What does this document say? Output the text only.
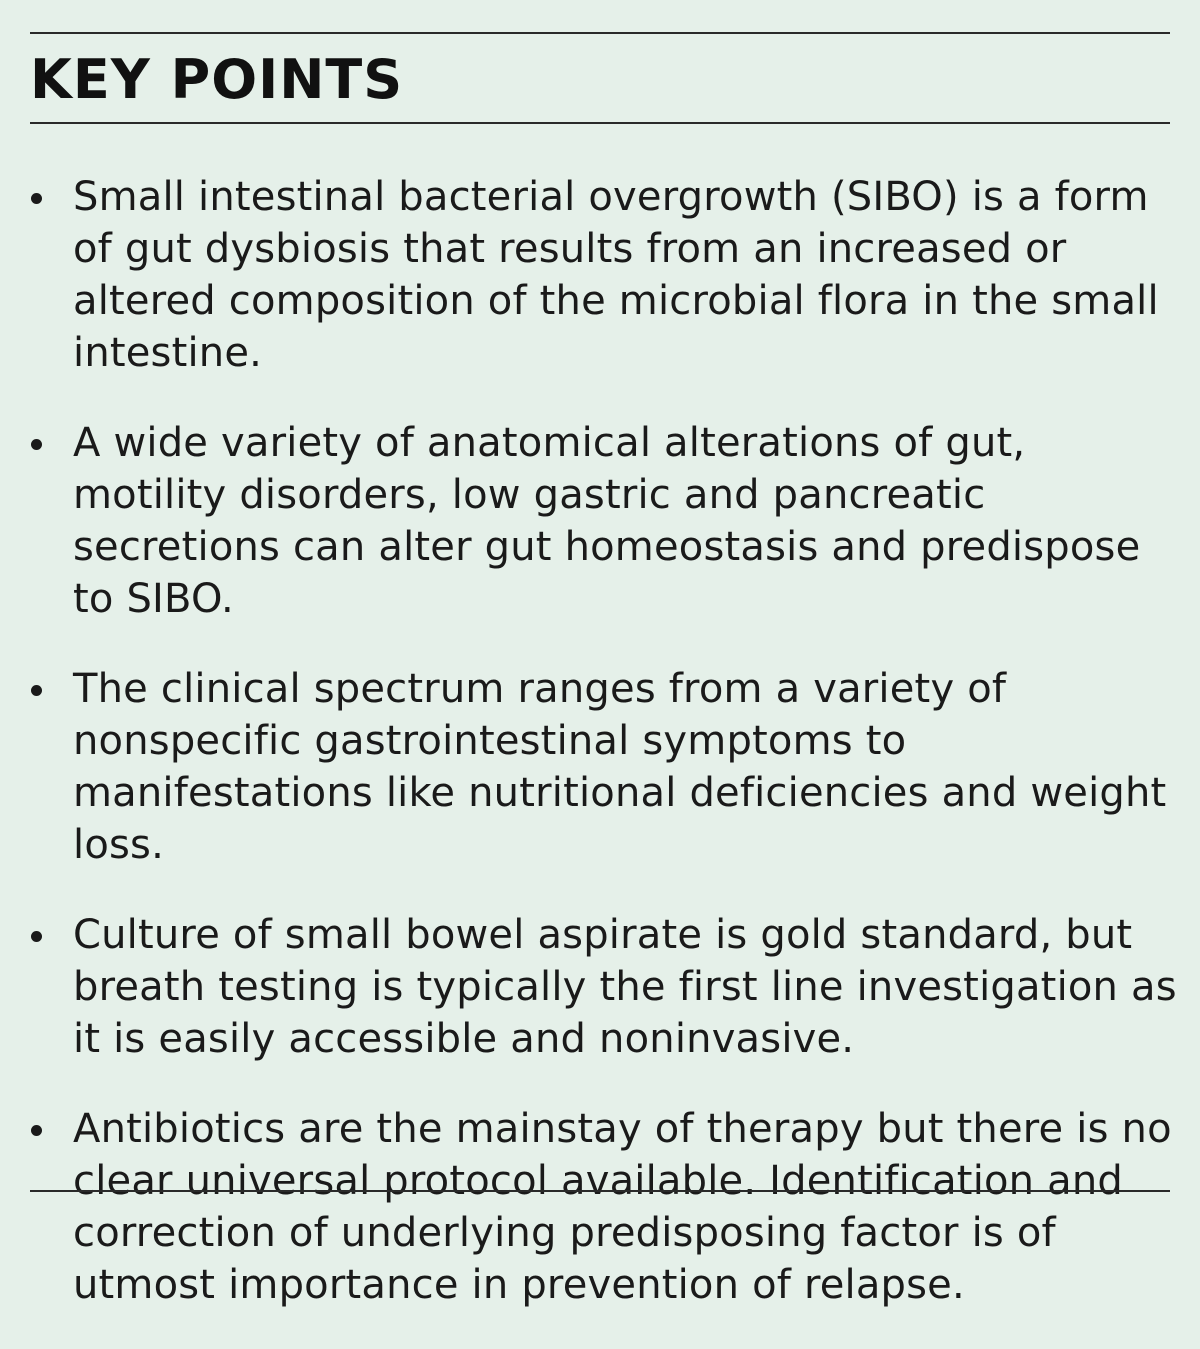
KEY POINTS
Small intestinal bacterial overgrowth (SIBO) is a form of gut dysbiosis that results from an increased or altered composition of the microbial flora in the small intestine.
A wide variety of anatomical alterations of gut, motility disorders, low gastric and pancreatic secretions can alter gut homeostasis and predispose to SIBO.
The clinical spectrum ranges from a variety of nonspecific gastrointestinal symptoms to manifestations like nutritional deficiencies and weight loss.
Culture of small bowel aspirate is gold standard, but breath testing is typically the first line investigation as it is easily accessible and noninvasive.
Antibiotics are the mainstay of therapy but there is no clear universal protocol available. Identification and correction of underlying predisposing factor is of utmost importance in prevention of relapse.
